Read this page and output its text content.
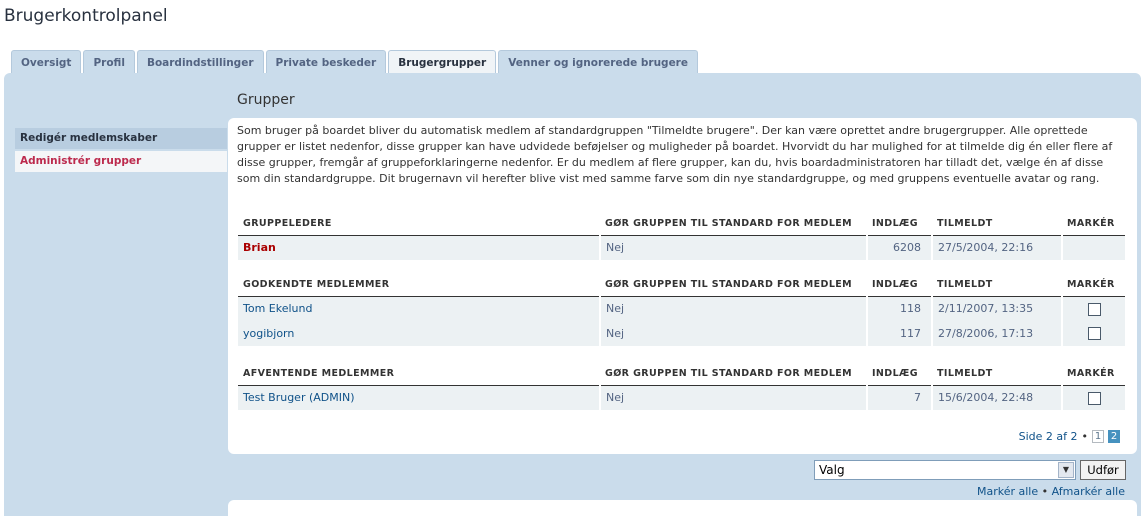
Brugerkontrolpanel
Oversigt	Profil	Boardindstillinger	Private beskeder	Brugergrupper	Venner og ignorerede brugere
Redigér medlemskaber
Administrér grupper
Grupper

Som bruger på boardet bliver du automatisk medlem af standardgruppen "Tilmeldte brugere". Der kan være oprettet andre brugergrupper. Alle oprettede grupper er listet nedenfor, disse grupper kan have udvidede beføjelser og muligheder på boardet. Hvorvidt du har mulighed for at tilmelde dig én eller flere af disse grupper, fremgår af gruppeforklaringerne nedenfor. Er du medlem af flere grupper, kan du, hvis boardadministratoren har tilladt det, vælge én af disse som din standardgruppe. Dit brugernavn vil herefter blive vist med samme farve som din nye standardgruppe, og med gruppens eventuelle avatar og rang.

GRUPPELEDERE	GØR GRUPPEN TIL STANDARD FOR MEDLEM	INDLÆG	TILMELDT	MARKÉR
Brian	Nej	6208	27/5/2004, 22:16	
GODKENDTE MEDLEMMER	GØR GRUPPEN TIL STANDARD FOR MEDLEM	INDLÆG	TILMELDT	MARKÉR
Tom Ekelund	Nej	118	2/11/2007, 13:35	
yogibjorn	Nej	117	27/8/2006, 17:13	
AFVENTENDE MEDLEMMER	GØR GRUPPEN TIL STANDARD FOR MEDLEM	INDLÆG	TILMELDT	MARKÉR
Test Bruger (ADMIN)	Nej	7	15/6/2004, 22:48	
Side 2 af 2 • 1 2
Valg	▼	Udfør
Markér alle • Afmarkér alle
